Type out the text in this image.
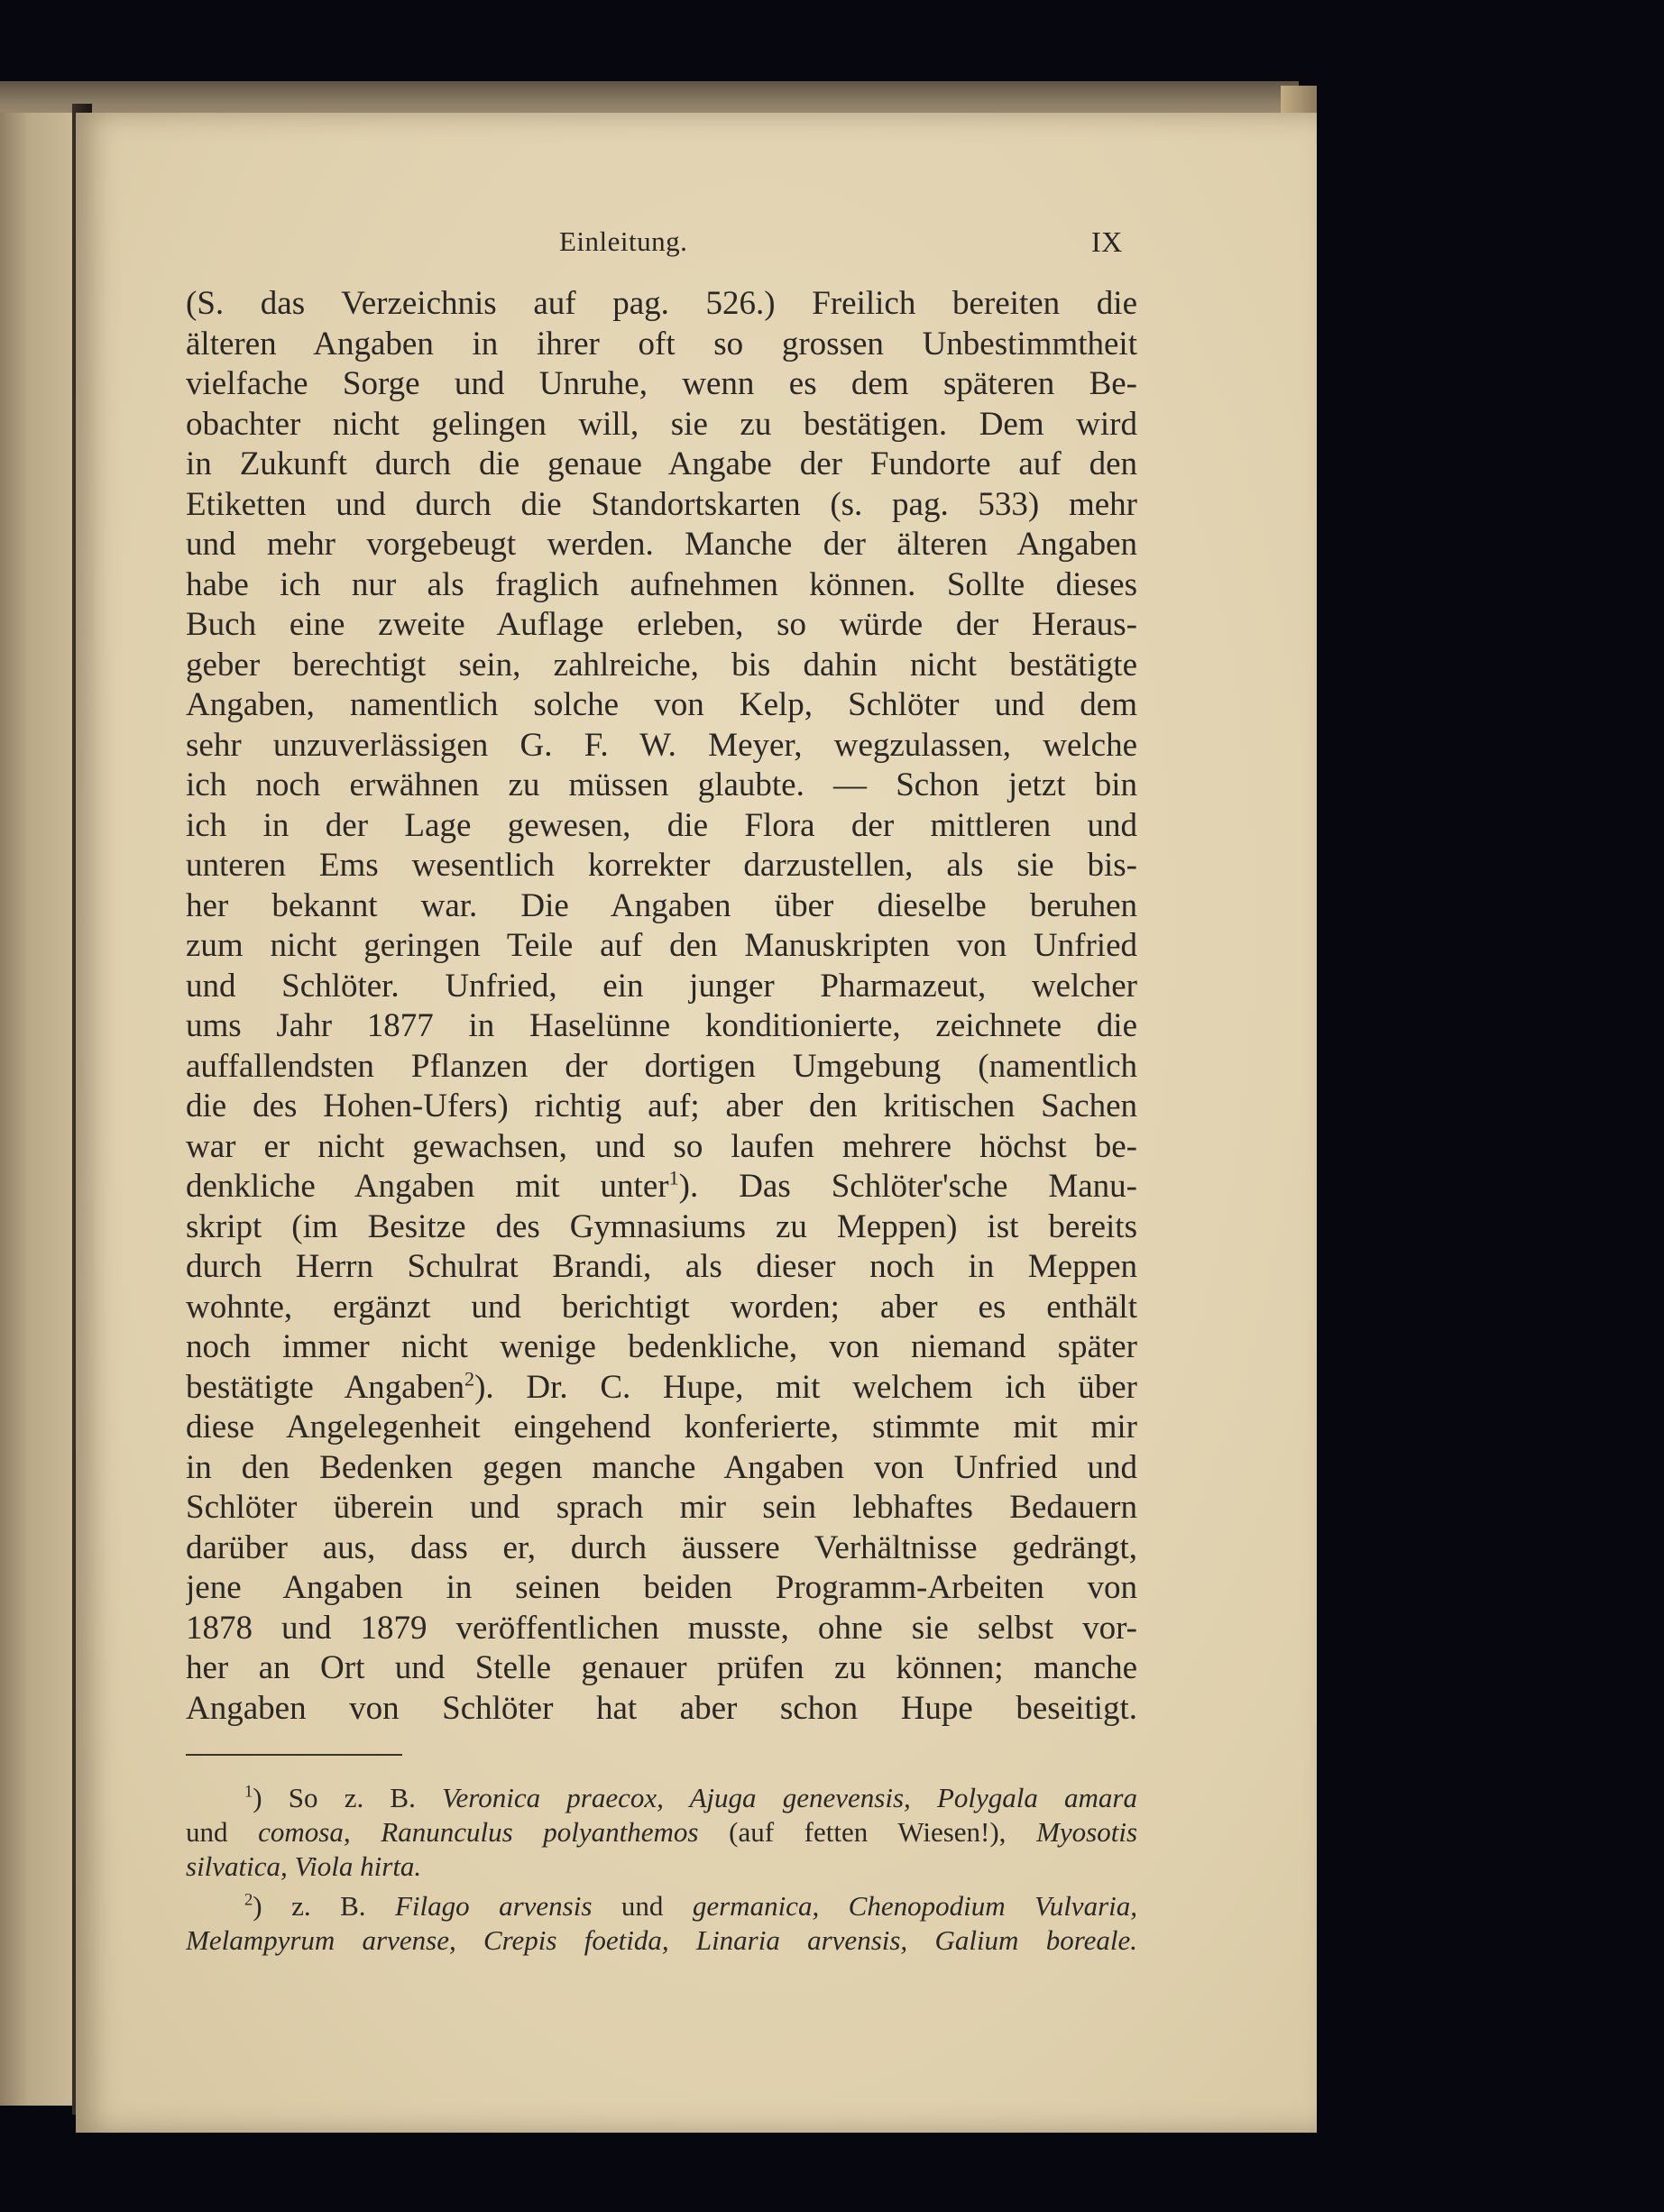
Einleitung.	IX
(S. das Verzeichnis auf pag. 526.) Freilich bereiten die
älteren Angaben in ihrer oft so grossen Unbestimmtheit
vielfache Sorge und Unruhe, wenn es dem späteren Be-
obachter nicht gelingen will, sie zu bestätigen. Dem wird
in Zukunft durch die genaue Angabe der Fundorte auf den
Etiketten und durch die Standortskarten (s. pag. 533) mehr
und mehr vorgebeugt werden. Manche der älteren Angaben
habe ich nur als fraglich aufnehmen können. Sollte dieses
Buch eine zweite Auflage erleben, so würde der Heraus-
geber berechtigt sein, zahlreiche, bis dahin nicht bestätigte
Angaben, namentlich solche von Kelp, Schlöter und dem
sehr unzuverlässigen G. F. W. Meyer, wegzulassen, welche
ich noch erwähnen zu müssen glaubte. — Schon jetzt bin
ich in der Lage gewesen, die Flora der mittleren und
unteren Ems wesentlich korrekter darzustellen, als sie bis-
her bekannt war. Die Angaben über dieselbe beruhen
zum nicht geringen Teile auf den Manuskripten von Unfried
und Schlöter. Unfried, ein junger Pharmazeut, welcher
ums Jahr 1877 in Haselünne konditionierte, zeichnete die
auffallendsten Pflanzen der dortigen Umgebung (namentlich
die des Hohen-Ufers) richtig auf; aber den kritischen Sachen
war er nicht gewachsen, und so laufen mehrere höchst be-
denkliche Angaben mit unter$^1$). Das Schlöter'sche Manu-
skript (im Besitze des Gymnasiums zu Meppen) ist bereits
durch Herrn Schulrat Brandi, als dieser noch in Meppen
wohnte, ergänzt und berichtigt worden; aber es enthält
noch immer nicht wenige bedenkliche, von niemand später
bestätigte Angaben$^2$). Dr. C. Hupe, mit welchem ich über
diese Angelegenheit eingehend konferierte, stimmte mit mir
in den Bedenken gegen manche Angaben von Unfried und
Schlöter überein und sprach mir sein lebhaftes Bedauern
darüber aus, dass er, durch äussere Verhältnisse gedrängt,
jene Angaben in seinen beiden Programm-Arbeiten von
1878 und 1879 veröffentlichen musste, ohne sie selbst vor-
her an Ort und Stelle genauer prüfen zu können; manche
Angaben von Schlöter hat aber schon Hupe beseitigt.
$^1$) So z. B. Veronica praecox, Ajuga genevensis, Polygala amara
und comosa, Ranunculus polyanthemos (auf fetten Wiesen!), Myosotis
silvatica, Viola hirta.
$^2$) z. B. Filago arvensis und germanica, Chenopodium Vulvaria,
Melampyrum arvense, Crepis foetida, Linaria arvensis, Galium boreale.
